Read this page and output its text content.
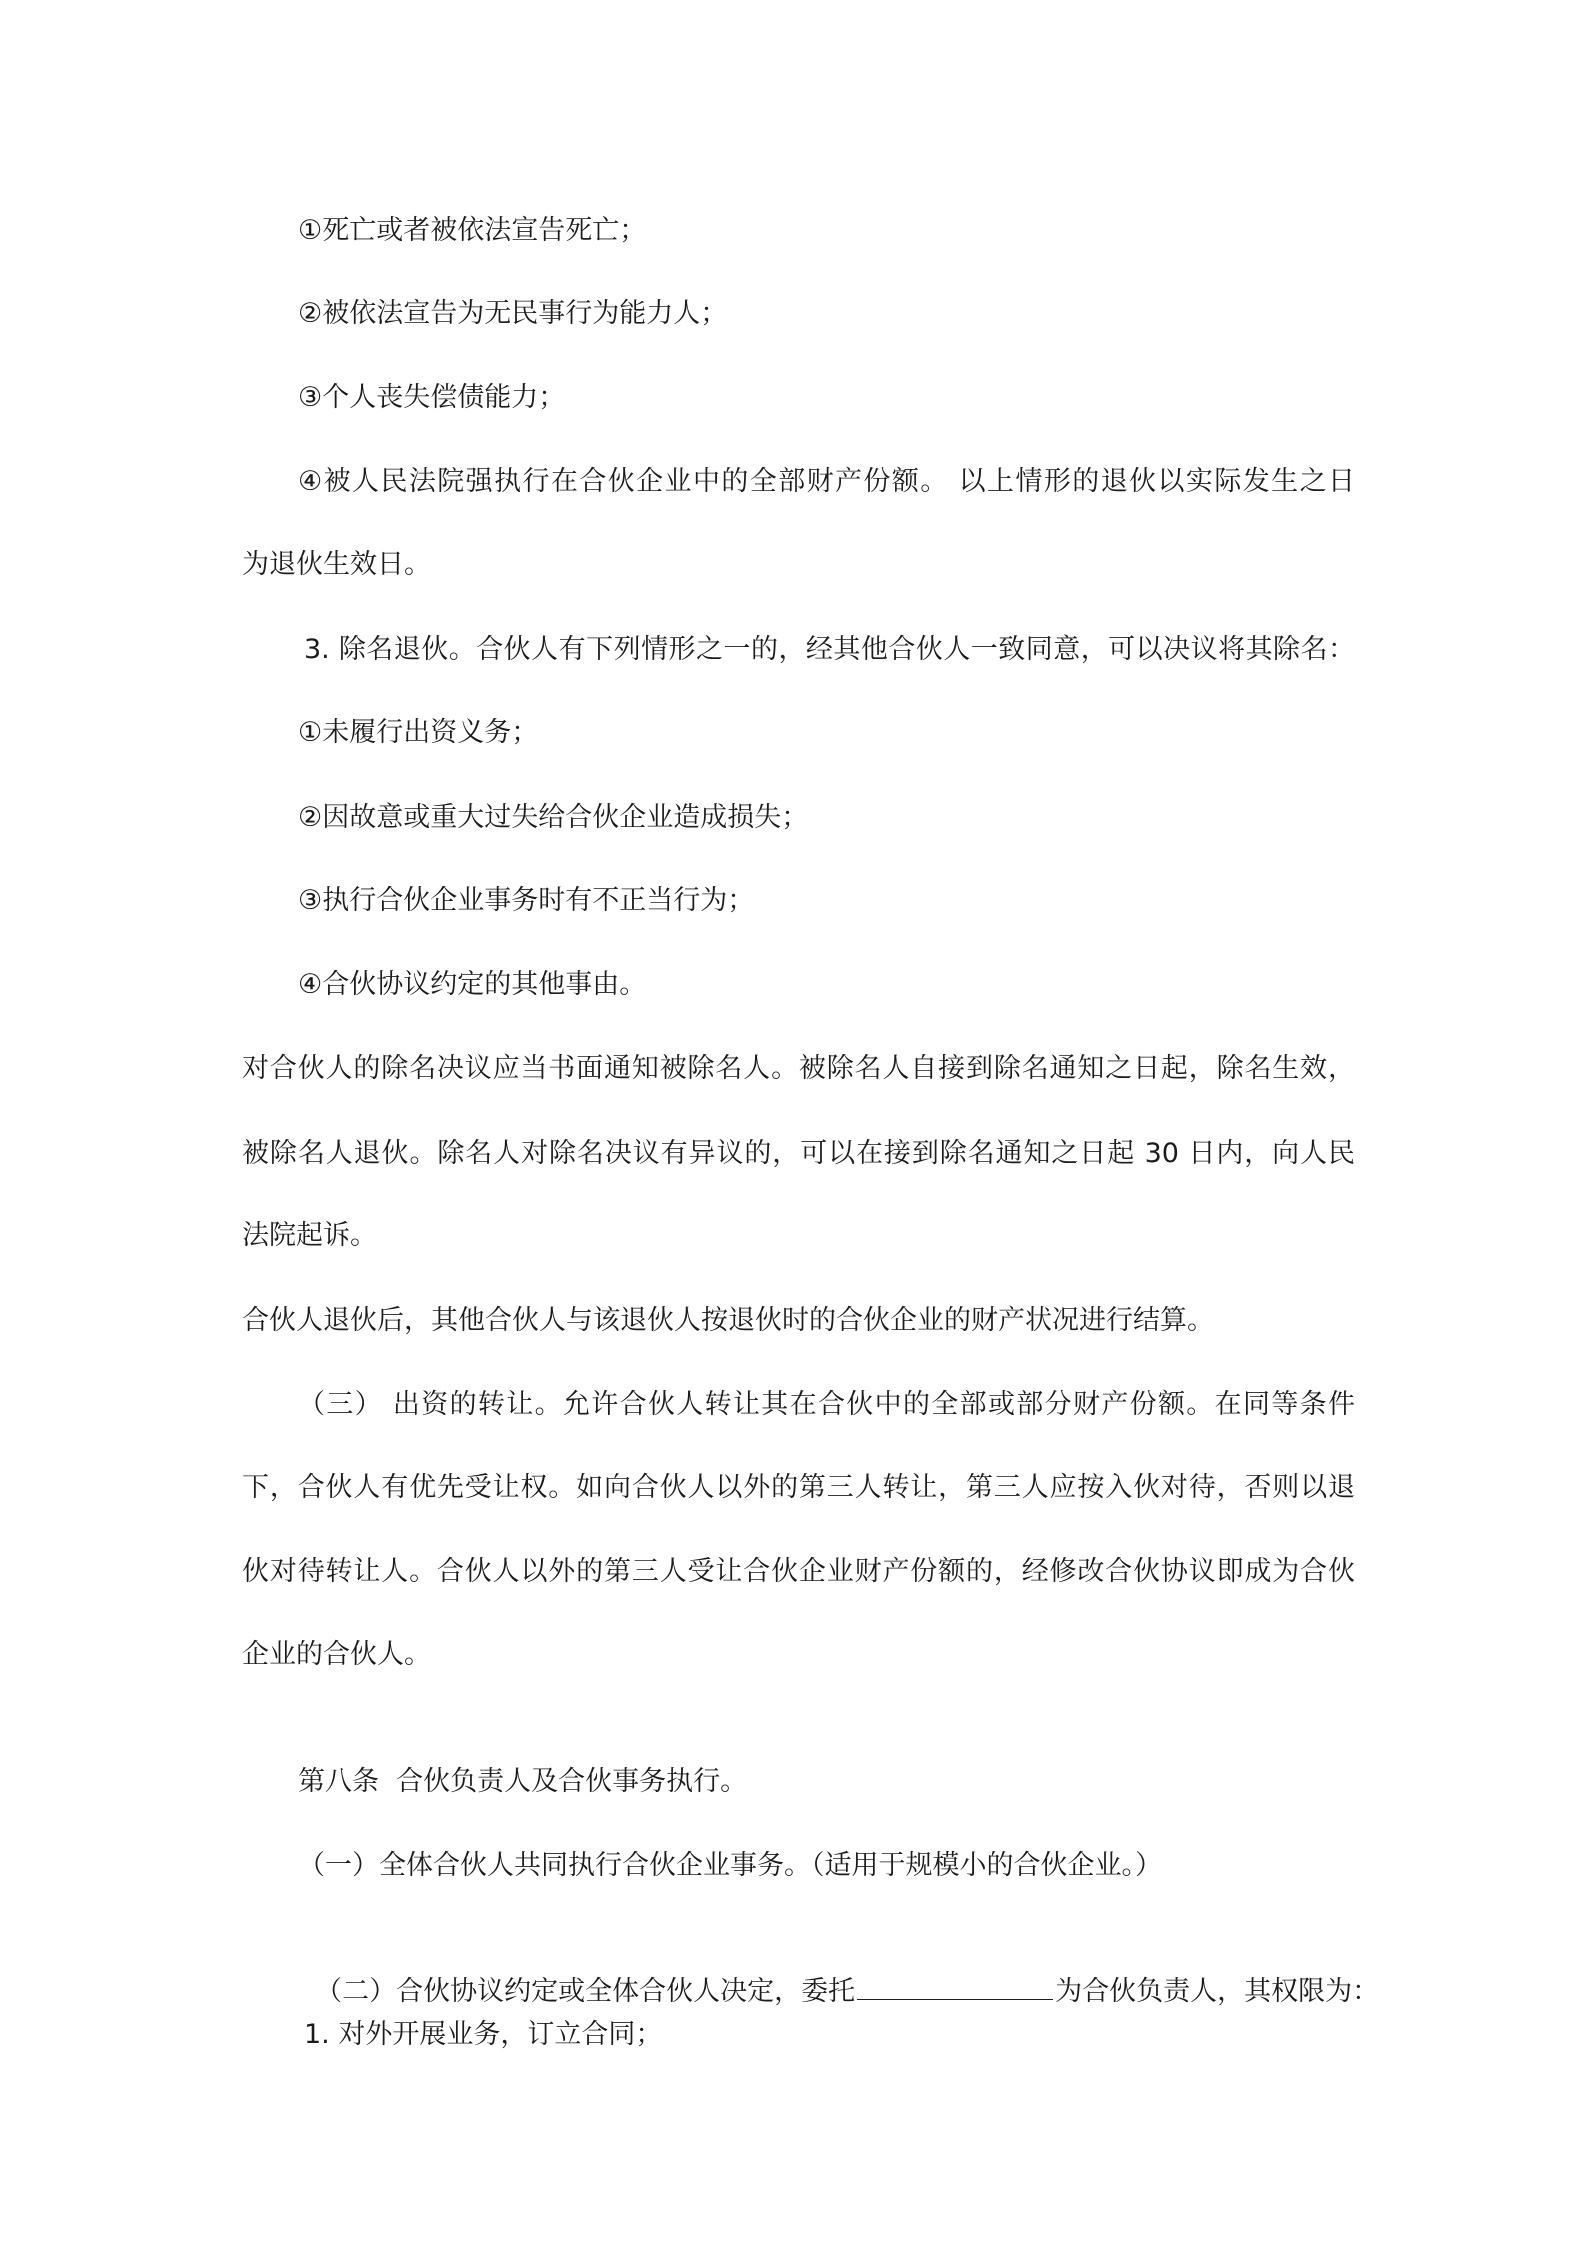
①死亡或者被依法宣告死亡；
②被依法宣告为无民事行为能力人；
③个人丧失偿债能力；
④被人民法院强执行在合伙企业中的全部财产份额。 以上情形的退伙以实际发生之日
为退伙生效日。
3. 除名退伙。合伙人有下列情形之一的，经其他合伙人一致同意，可以决议将其除名：
①未履行出资义务；
②因故意或重大过失给合伙企业造成损失；
③执行合伙企业事务时有不正当行为；
④合伙协议约定的其他事由。
对合伙人的除名决议应当书面通知被除名人。被除名人自接到除名通知之日起，除名生效，
被除名人退伙。除名人对除名决议有异议的，可以在接到除名通知之日起 30 日内，向人民
法院起诉。
合伙人退伙后，其他合伙人与该退伙人按退伙时的合伙企业的财产状况进行结算。
（三） 出资的转让。允许合伙人转让其在合伙中的全部或部分财产份额。在同等条件
下，合伙人有优先受让权。如向合伙人以外的第三人转让，第三人应按入伙对待，否则以退
伙对待转让人。合伙人以外的第三人受让合伙企业财产份额的，经修改合伙协议即成为合伙
企业的合伙人。
第八条  合伙负责人及合伙事务执行。
（一）全体合伙人共同执行合伙企业事务。（适用于规模小的合伙企业。）

（二）合伙协议约定或全体合伙人决定，委托	为合伙负责人，其权限为：

1. 对外开展业务，订立合同；
